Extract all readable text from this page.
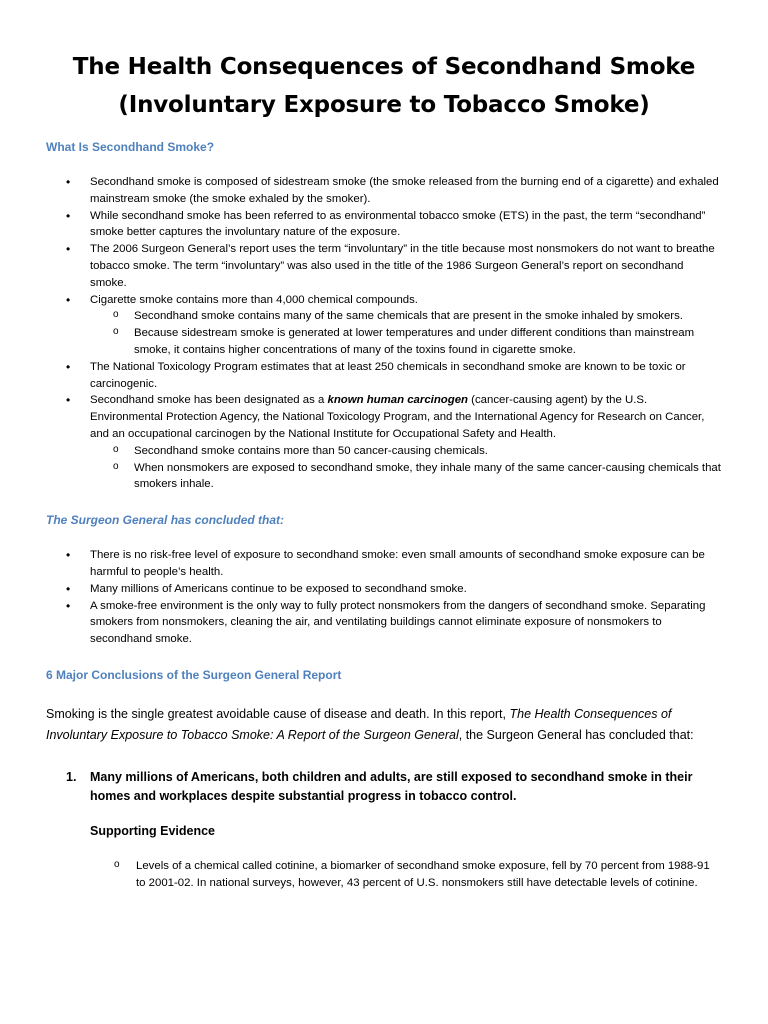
The Health Consequences of Secondhand Smoke
(Involuntary Exposure to Tobacco Smoke)
What Is Secondhand Smoke?
• Secondhand smoke is composed of sidestream smoke (the smoke released from the burning end of a cigarette) and exhaled mainstream smoke (the smoke exhaled by the smoker).
• While secondhand smoke has been referred to as environmental tobacco smoke (ETS) in the past, the term “secondhand” smoke better captures the involuntary nature of the exposure.
• The 2006 Surgeon General’s report uses the term “involuntary” in the title because most nonsmokers do not want to breathe tobacco smoke. The term “involuntary” was also used in the title of the 1986 Surgeon General’s report on secondhand smoke.
• Cigarette smoke contains more than 4,000 chemical compounds.
o Secondhand smoke contains many of the same chemicals that are present in the smoke inhaled by smokers.
o Because sidestream smoke is generated at lower temperatures and under different conditions than mainstream smoke, it contains higher concentrations of many of the toxins found in cigarette smoke.
• The National Toxicology Program estimates that at least 250 chemicals in secondhand smoke are known to be toxic or carcinogenic.
• Secondhand smoke has been designated as a known human carcinogen (cancer-causing agent) by the U.S. Environmental Protection Agency, the National Toxicology Program, and the International Agency for Research on Cancer, and an occupational carcinogen by the National Institute for Occupational Safety and Health.
o Secondhand smoke contains more than 50 cancer-causing chemicals.
o When nonsmokers are exposed to secondhand smoke, they inhale many of the same cancer-causing chemicals that smokers inhale.
The Surgeon General has concluded that:
• There is no risk-free level of exposure to secondhand smoke: even small amounts of secondhand smoke exposure can be harmful to people’s health.
• Many millions of Americans continue to be exposed to secondhand smoke.
• A smoke-free environment is the only way to fully protect nonsmokers from the dangers of secondhand smoke. Separating smokers from nonsmokers, cleaning the air, and ventilating buildings cannot eliminate exposure of nonsmokers to secondhand smoke.
6 Major Conclusions of the Surgeon General Report

Smoking is the single greatest avoidable cause of disease and death. In this report, The Health Consequences of Involuntary Exposure to Tobacco Smoke: A Report of the Surgeon General, the Surgeon General has concluded that:

1. Many millions of Americans, both children and adults, are still exposed to secondhand smoke in their homes and workplaces despite substantial progress in tobacco control.
Supporting Evidence
o Levels of a chemical called cotinine, a biomarker of secondhand smoke exposure, fell by 70 percent from 1988-91 to 2001-02. In national surveys, however, 43 percent of U.S. nonsmokers still have detectable levels of cotinine.
